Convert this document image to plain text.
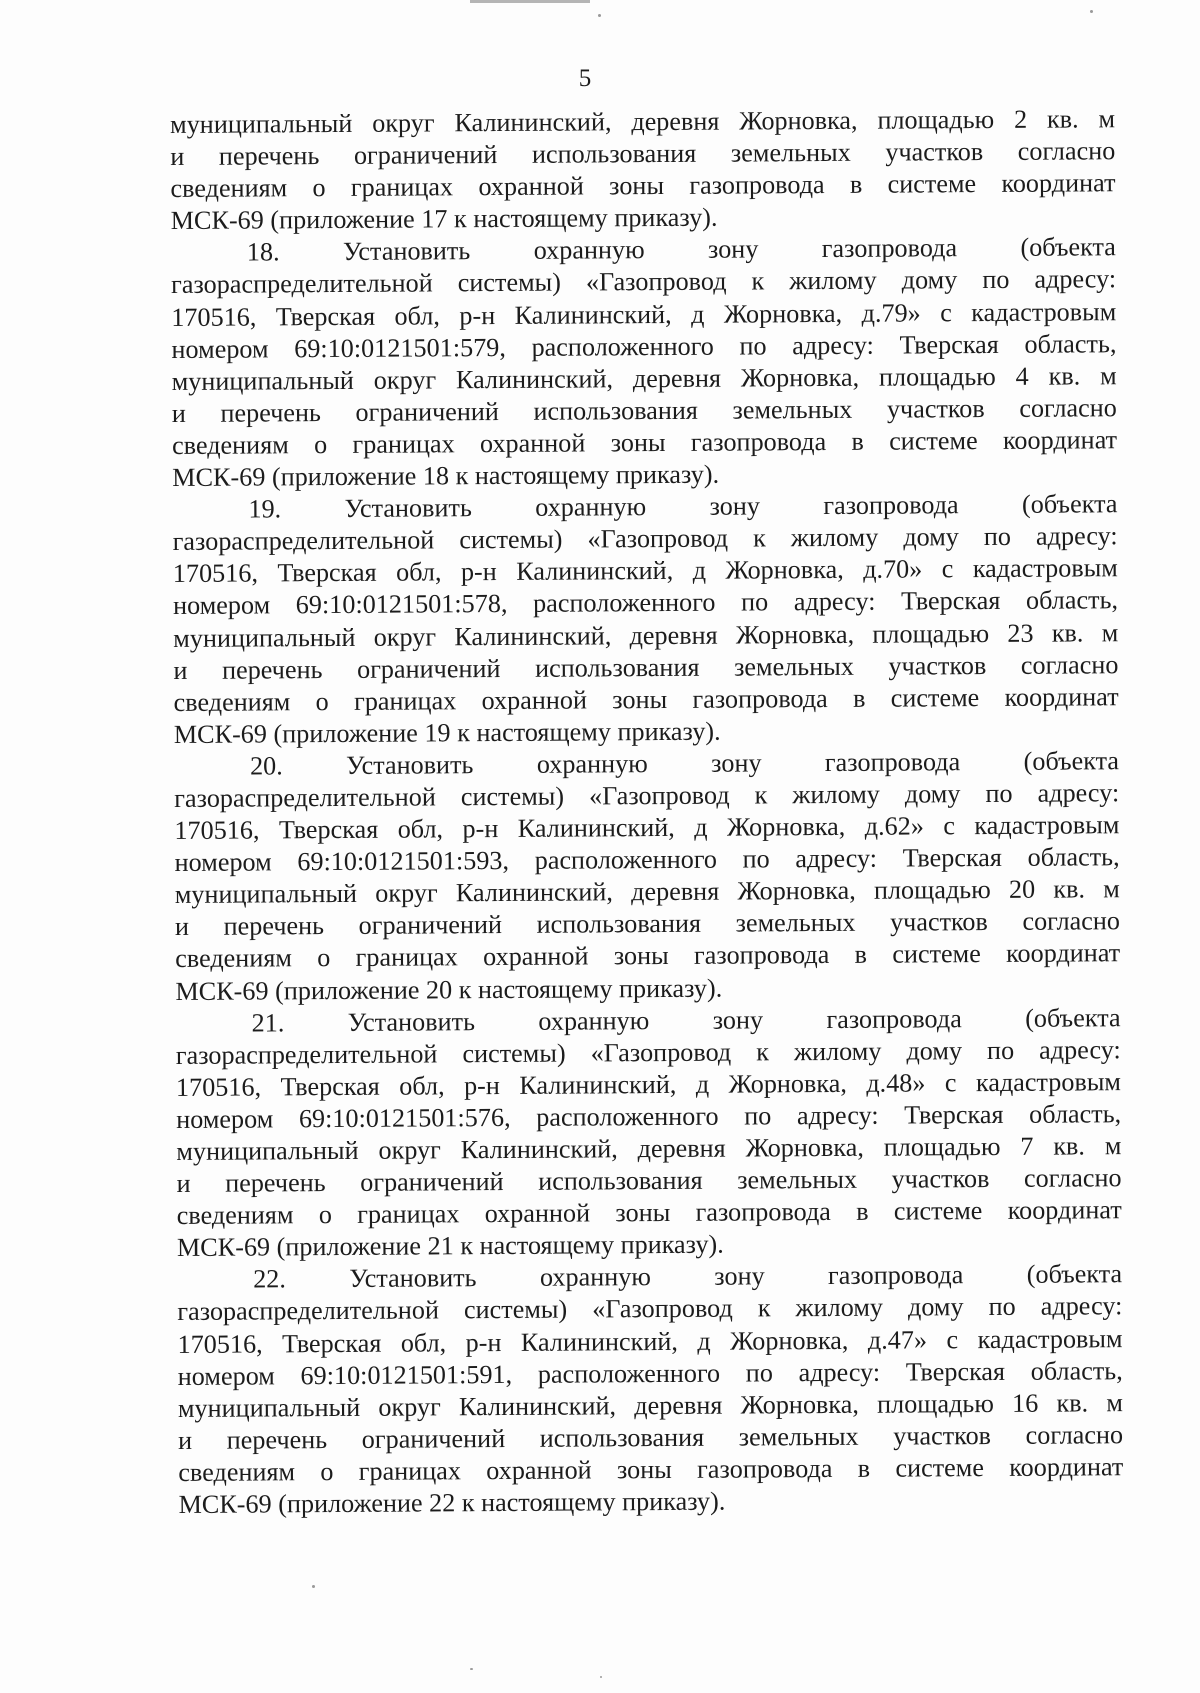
5

муниципальный округ Калининский, деревня Жорновка, площадью 2 кв. м
и перечень ограничений использования земельных участков согласно
сведениям о границах охранной зоны газопровода в системе координат
МСК-69 (приложение 17 к настоящему приказу).

18. Установить охранную зону газопровода (объекта
газораспределительной системы) «Газопровод к жилому дому по адресу:
170516, Тверская обл, р-н Калининский, д Жорновка, д.79» с кадастровым
номером 69:10:0121501:579, расположенного по адресу: Тверская область,
муниципальный округ Калининский, деревня Жорновка, площадью 4 кв. м
и перечень ограничений использования земельных участков согласно
сведениям о границах охранной зоны газопровода в системе координат
МСК-69 (приложение 18 к настоящему приказу).

19. Установить охранную зону газопровода (объекта
газораспределительной системы) «Газопровод к жилому дому по адресу:
170516, Тверская обл, р-н Калининский, д Жорновка, д.70» с кадастровым
номером 69:10:0121501:578, расположенного по адресу: Тверская область,
муниципальный округ Калининский, деревня Жорновка, площадью 23 кв. м
и перечень ограничений использования земельных участков согласно
сведениям о границах охранной зоны газопровода в системе координат
МСК-69 (приложение 19 к настоящему приказу).

20. Установить охранную зону газопровода (объекта
газораспределительной системы) «Газопровод к жилому дому по адресу:
170516, Тверская обл, р-н Калининский, д Жорновка, д.62» с кадастровым
номером 69:10:0121501:593, расположенного по адресу: Тверская область,
муниципальный округ Калининский, деревня Жорновка, площадью 20 кв. м
и перечень ограничений использования земельных участков согласно
сведениям о границах охранной зоны газопровода в системе координат
МСК-69 (приложение 20 к настоящему приказу).

21. Установить охранную зону газопровода (объекта
газораспределительной системы) «Газопровод к жилому дому по адресу:
170516, Тверская обл, р-н Калининский, д Жорновка, д.48» с кадастровым
номером 69:10:0121501:576, расположенного по адресу: Тверская область,
муниципальный округ Калининский, деревня Жорновка, площадью 7 кв. м
и перечень ограничений использования земельных участков согласно
сведениям о границах охранной зоны газопровода в системе координат
МСК-69 (приложение 21 к настоящему приказу).

22. Установить охранную зону газопровода (объекта
газораспределительной системы) «Газопровод к жилому дому по адресу:
170516, Тверская обл, р-н Калининский, д Жорновка, д.47» с кадастровым
номером 69:10:0121501:591, расположенного по адресу: Тверская область,
муниципальный округ Калининский, деревня Жорновка, площадью 16 кв. м
и перечень ограничений использования земельных участков согласно
сведениям о границах охранной зоны газопровода в системе координат
МСК-69 (приложение 22 к настоящему приказу).
